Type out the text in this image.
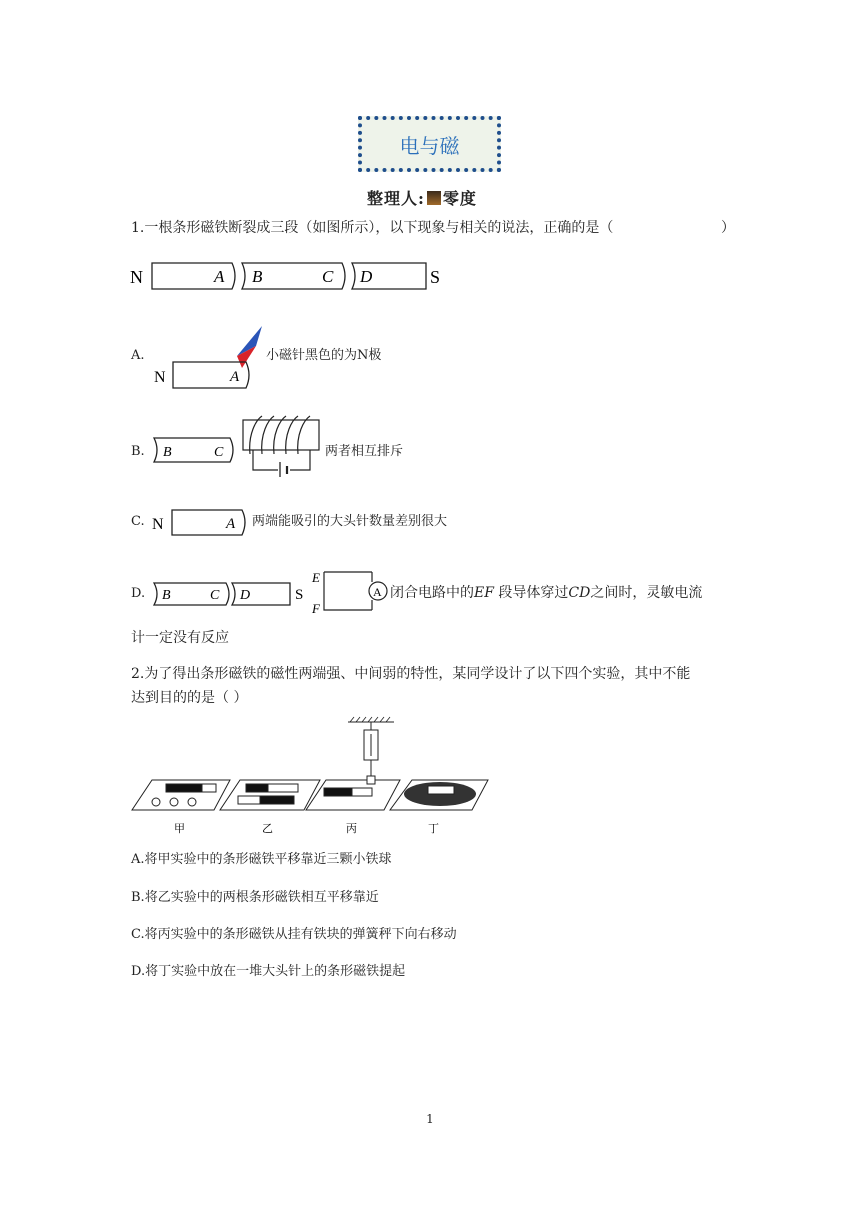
电与磁
整理人: 零度
1.一根条形磁铁断裂成三段（如图所示），以下现象与相关的说法，正确的是（	）
N	A B	C D	S
A.
N	A
小磁针黑色的为N极
B. B	C	两者相互排斥
C. N	A 两端能吸引的大头针数量差别很大
D. B	C D	S
E
F
A 闭合电路中的EF 段导体穿过CD之间时，灵敏电流
计一定没有反应
2.为了得出条形磁铁的磁性两端强、中间弱的特性，某同学设计了以下四个实验，其中不能
达到目的的是（ ）
甲	乙	丙	丁
A.将甲实验中的条形磁铁平移靠近三颗小铁球
B.将乙实验中的两根条形磁铁相互平移靠近
C.将丙实验中的条形磁铁从挂有铁块的弹簧秤下向右移动
D.将丁实验中放在一堆大头针上的条形磁铁提起
1
